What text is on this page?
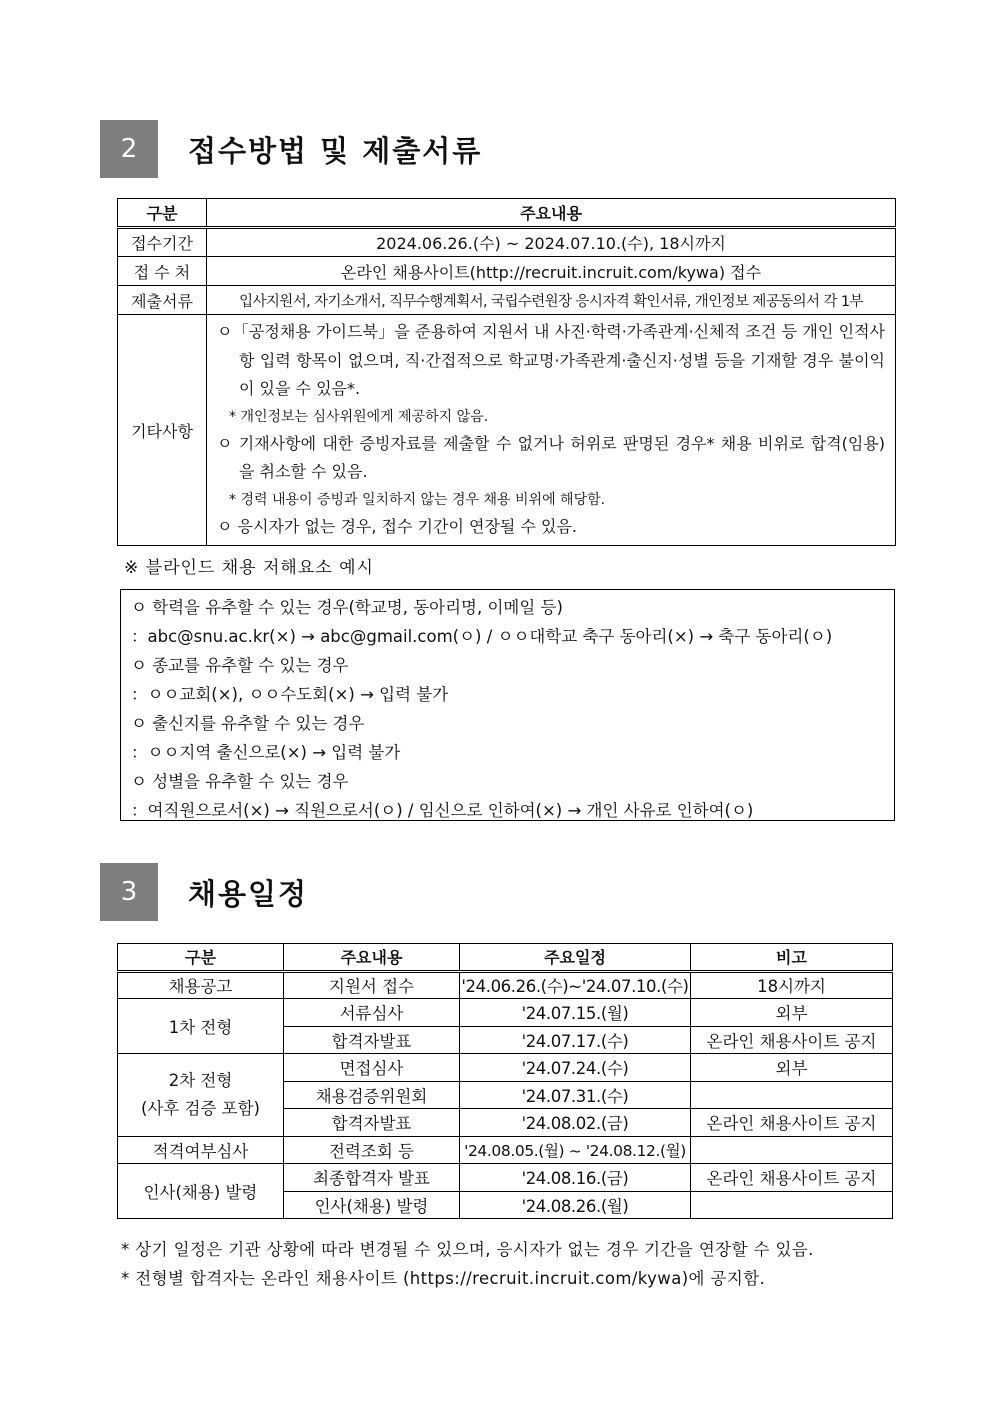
2	접수방법 및 제출서류
구분	주요내용
접수기간	2024.06.26.(수) ~ 2024.07.10.(수), 18시까지
접 수 처	온라인 채용사이트(http://recruit.incruit.com/kywa) 접수
제출서류	입사지원서, 자기소개서, 직무수행계획서, 국립수련원장 응시자격 확인서류, 개인정보 제공동의서 각 1부
기타사항	ㅇ「공정채용 가이드북」을 준용하여 지원서 내 사진·학력·가족관계·신체적 조건 등 개인 인적사항 입력 항목이 없으며, 직·간접적으로 학교명·가족관계·출신지·성별 등을 기재할 경우 불이익이 있을 수 있음*.
* 개인정보는 심사위원에게 제공하지 않음.
ㅇ 기재사항에 대한 증빙자료를 제출할 수 없거나 허위로 판명된 경우* 채용 비위로 합격(임용)을 취소할 수 있음.
* 경력 내용이 증빙과 일치하지 않는 경우 채용 비위에 해당함.
ㅇ 응시자가 없는 경우, 접수 기간이 연장될 수 있음.
※ 블라인드 채용 저해요소 예시
ㅇ 학력을 유추할 수 있는 경우(학교명, 동아리명, 이메일 등)
：abc@snu.ac.kr(×) → abc@gmail.com(ㅇ) / ㅇㅇ대학교 축구 동아리(×) → 축구 동아리(ㅇ)
ㅇ 종교를 유추할 수 있는 경우
：ㅇㅇ교회(×), ㅇㅇ수도회(×) → 입력 불가
ㅇ 출신지를 유추할 수 있는 경우
：ㅇㅇ지역 출신으로(×) → 입력 불가
ㅇ 성별을 유추할 수 있는 경우
：여직원으로서(×) → 직원으로서(ㅇ) / 임신으로 인하여(×) → 개인 사유로 인하여(ㅇ)
3	채용일정
구분	주요내용	주요일정	비고
채용공고	지원서 접수	'24.06.26.(수)~'24.07.10.(수)	18시까지
1차 전형	서류심사	'24.07.15.(월)	외부
	합격자발표	'24.07.17.(수)	온라인 채용사이트 공지
2차 전형
(사후 검증 포함)	면접심사	'24.07.24.(수)	외부
	채용검증위원회	'24.07.31.(수)	
	합격자발표	'24.08.02.(금)	온라인 채용사이트 공지
적격여부심사	전력조회 등	'24.08.05.(월) ~ '24.08.12.(월)	
인사(채용) 발령	최종합격자 발표	'24.08.16.(금)	온라인 채용사이트 공지
	인사(채용) 발령	'24.08.26.(월)	
* 상기 일정은 기관 상황에 따라 변경될 수 있으며, 응시자가 없는 경우 기간을 연장할 수 있음.
* 전형별 합격자는 온라인 채용사이트 (https://recruit.incruit.com/kywa)에 공지함.
